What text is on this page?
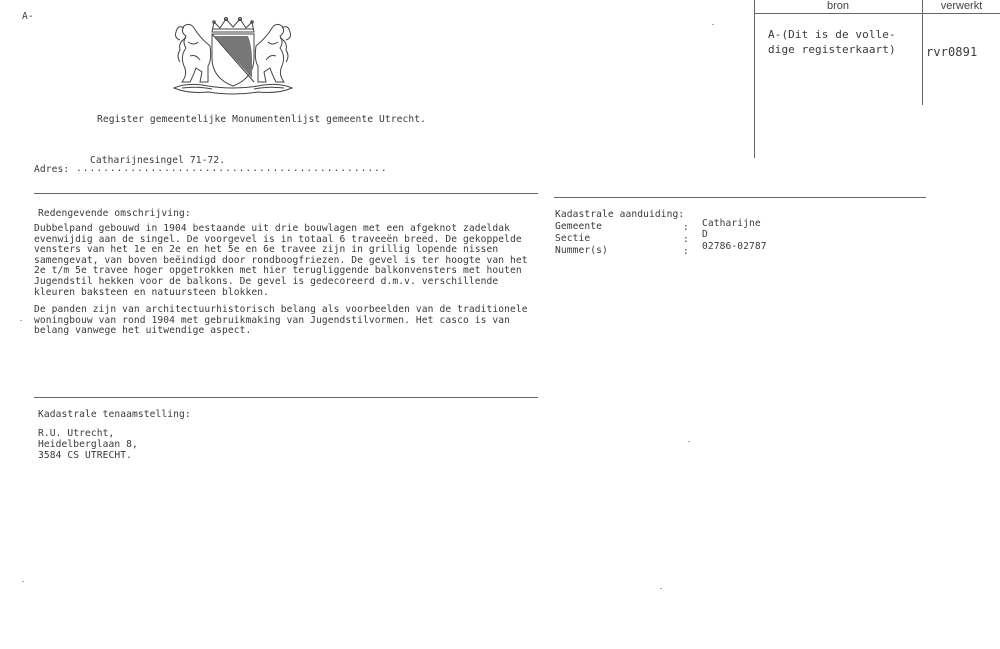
A-
Register gemeentelijke Monumentenlijst gemeente Utrecht.
bron	verwerkt
A-(Dit is de volle-
dige registerkaart)	rvr0891
Adres:
Catharijnesingel 71-72.
..............................................
Redengevende omschrijving:

Dubbelpand gebouwd in 1904 bestaande uit drie bouwlagen met een afgeknot zadeldak evenwijdig aan de singel. De voorgevel is in totaal 6 traveeën breed. De gekoppelde vensters van het 1e en 2e en het 5e en 6e travee zijn in grillig lopende nissen samengevat, van boven beëindigd door rondboogfriezen. De gevel is ter hoogte van het 2e t/m 5e travee hoger opgetrokken met hier terugliggende balkonvensters met houten Jugendstil hekken voor de balkons. De gevel is gedecoreerd d.m.v. verschillende kleuren baksteen en natuursteen blokken.

De panden zijn van architectuurhistorisch belang als voorbeelden van de traditionele woningbouw van rond 1904 met gebruikmaking van Jugendstilvormen. Het casco is van belang vanwege het uitwendige aspect.

Kadastrale aanduiding:
Gemeente
Sectie
Nummer(s)
:
:
:
Catharijne
D
02786-02787
Kadastrale tenaamstelling:
R.U. Utrecht,
Heidelberglaan 8,
3584 CS UTRECHT.
